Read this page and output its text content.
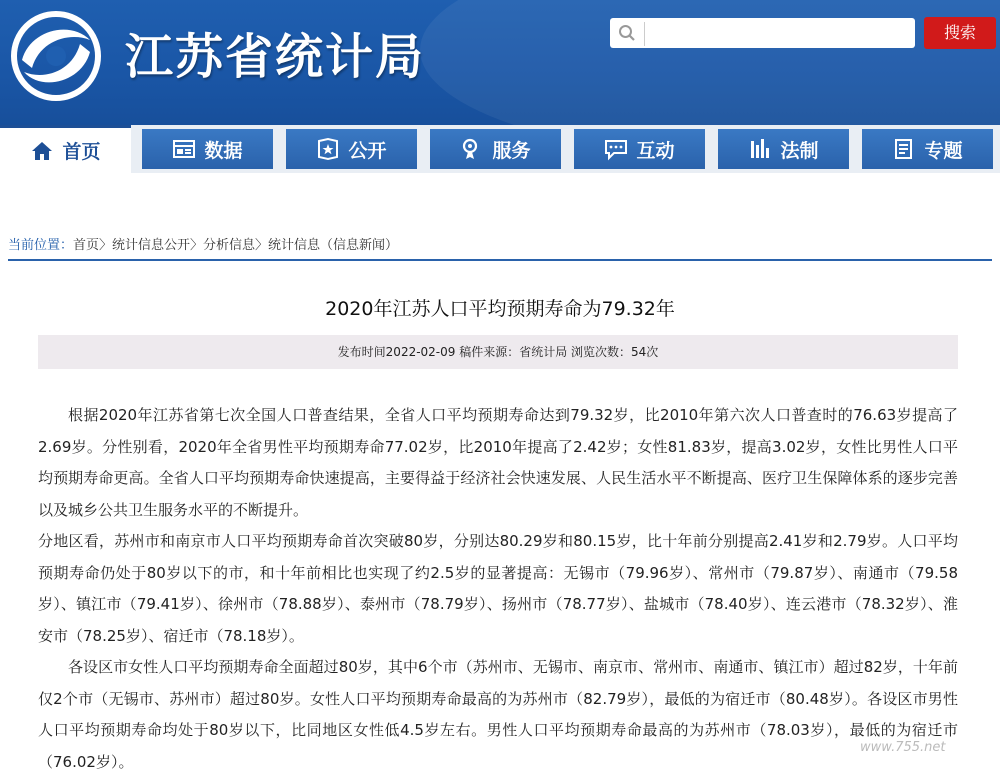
江苏省统计局	搜索
首页	数据	公开	服务	互动	法制	专题
当前位置：首页〉统计信息公开〉分析信息〉统计信息（信息新闻）
2020年江苏人口平均预期寿命为79.32年
发布时间2022-02-09 稿件来源：省统计局 浏览次数：54次

根据2020年江苏省第七次全国人口普查结果，全省人口平均预期寿命达到79.32岁，比2010年第六次人口普查时的76.63岁提高了2.69岁。分性别看，2020年全省男性平均预期寿命77.02岁，比2010年提高了2.42岁；女性81.83岁，提高3.02岁，女性比男性人口平均预期寿命更高。全省人口平均预期寿命快速提高，主要得益于经济社会快速发展、人民生活水平不断提高、医疗卫生保障体系的逐步完善以及城乡公共卫生服务水平的不断提升。

分地区看，苏州市和南京市人口平均预期寿命首次突破80岁，分别达80.29岁和80.15岁，比十年前分别提高2.41岁和2.79岁。人口平均预期寿命仍处于80岁以下的市，和十年前相比也实现了约2.5岁的显著提高：无锡市（79.96岁）、常州市（79.87岁）、南通市（79.58岁）、镇江市（79.41岁）、徐州市（78.88岁）、泰州市（78.79岁）、扬州市（78.77岁）、盐城市（78.40岁）、连云港市（78.32岁）、淮安市（78.25岁）、宿迁市（78.18岁）。

各设区市女性人口平均预期寿命全面超过80岁，其中6个市（苏州市、无锡市、南京市、常州市、南通市、镇江市）超过82岁，十年前仅2个市（无锡市、苏州市）超过80岁。女性人口平均预期寿命最高的为苏州市（82.79岁），最低的为宿迁市（80.48岁）。各设区市男性人口平均预期寿命均处于80岁以下，比同地区女性低4.5岁左右。男性人口平均预期寿命最高的为苏州市（78.03岁），最低的为宿迁市（76.02岁）。

www.755.net
